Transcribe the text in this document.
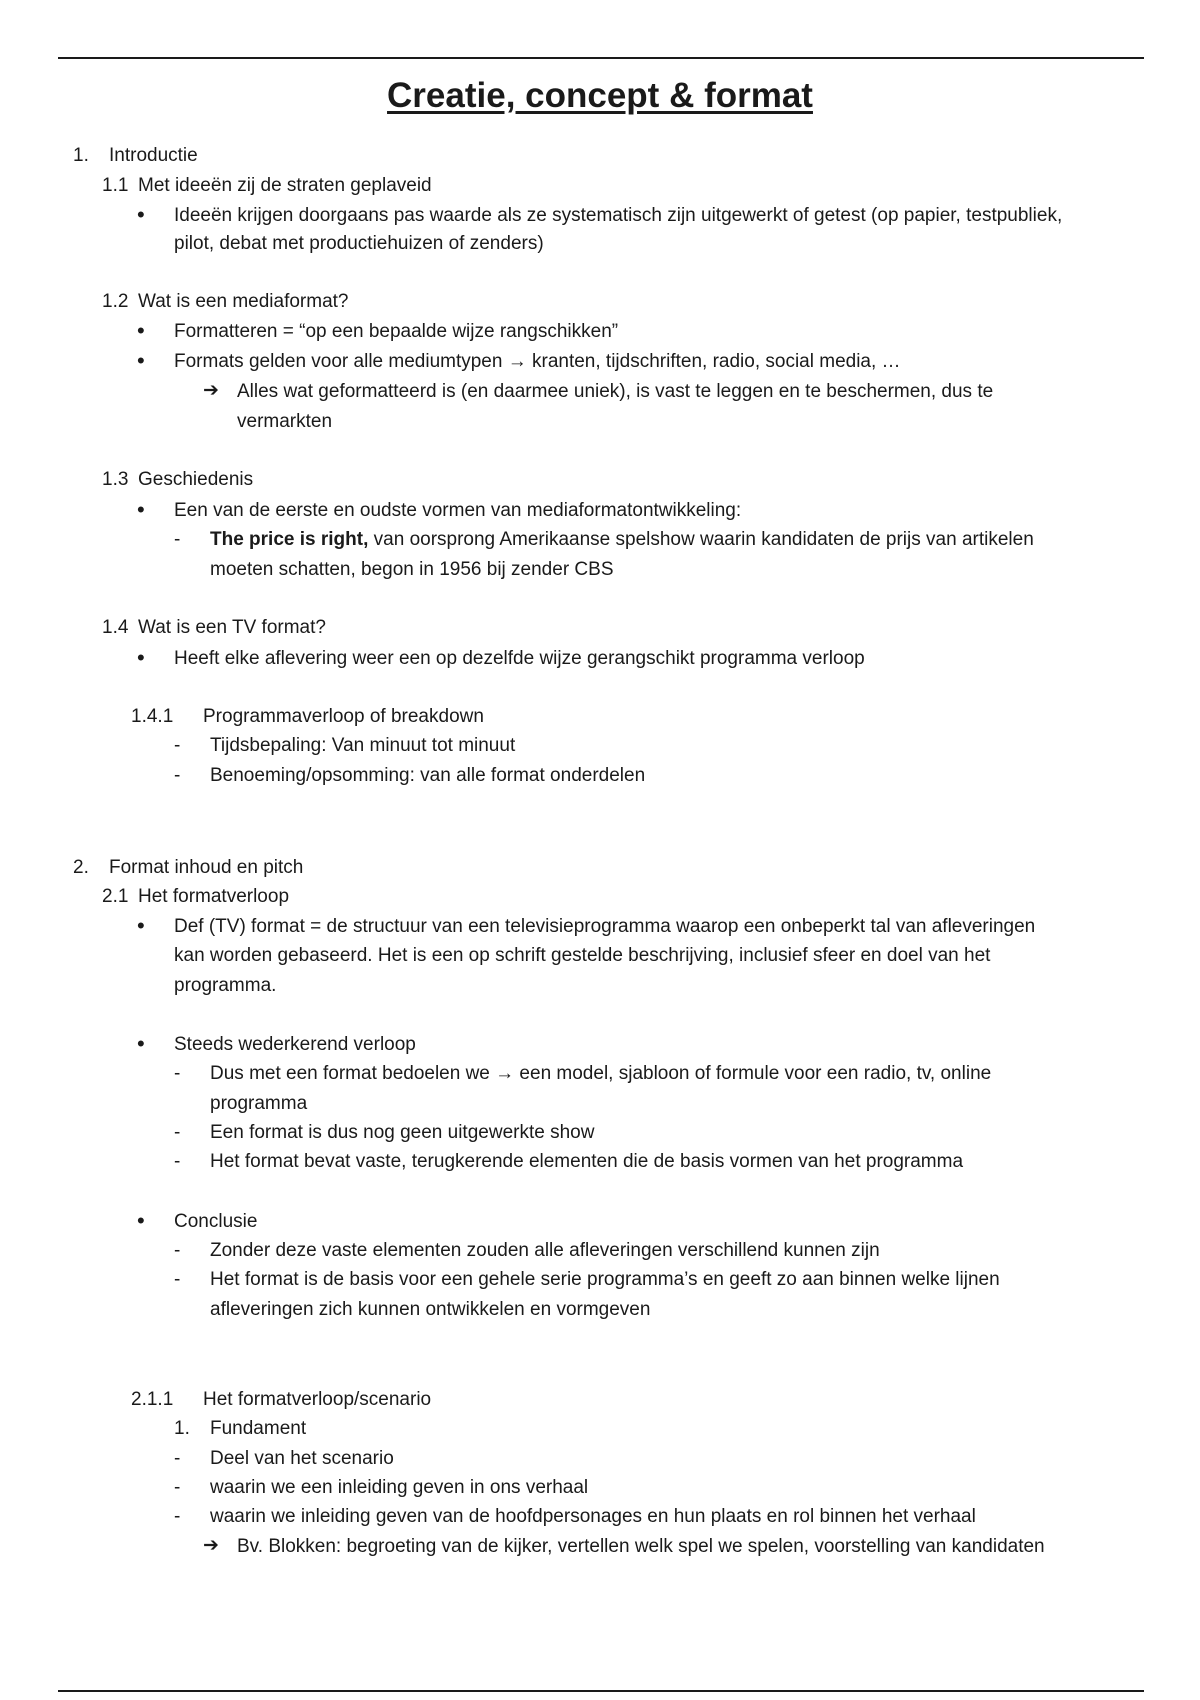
Creatie, concept & format
1. Introductie
1.1 Met ideeën zij de straten geplaveid
• Ideeën krijgen doorgaans pas waarde als ze systematisch zijn uitgewerkt of getest (op papier, testpubliek,
pilot, debat met productiehuizen of zenders)
1.2 Wat is een mediaformat?
• Formatteren = “op een bepaalde wijze rangschikken”
• Formats gelden voor alle mediumtypen → kranten, tijdschriften, radio, social media, …
➔ Alles wat geformatteerd is (en daarmee uniek), is vast te leggen en te beschermen, dus te
vermarkten
1.3 Geschiedenis
• Een van de eerste en oudste vormen van mediaformatontwikkeling:
- The price is right, van oorsprong Amerikaanse spelshow waarin kandidaten de prijs van artikelen
moeten schatten, begon in 1956 bij zender CBS
1.4 Wat is een TV format?
• Heeft elke aflevering weer een op dezelfde wijze gerangschikt programma verloop
1.4.1 Programmaverloop of breakdown
- Tijdsbepaling: Van minuut tot minuut
- Benoeming/opsomming: van alle format onderdelen
2. Format inhoud en pitch
2.1 Het formatverloop
• Def (TV) format = de structuur van een televisieprogramma waarop een onbeperkt tal van afleveringen
kan worden gebaseerd. Het is een op schrift gestelde beschrijving, inclusief sfeer en doel van het
programma.
• Steeds wederkerend verloop
- Dus met een format bedoelen we → een model, sjabloon of formule voor een radio, tv, online
programma
- Een format is dus nog geen uitgewerkte show
- Het format bevat vaste, terugkerende elementen die de basis vormen van het programma
• Conclusie
- Zonder deze vaste elementen zouden alle afleveringen verschillend kunnen zijn
- Het format is de basis voor een gehele serie programma’s en geeft zo aan binnen welke lijnen
afleveringen zich kunnen ontwikkelen en vormgeven
2.1.1 Het formatverloop/scenario
1. Fundament
- Deel van het scenario
- waarin we een inleiding geven in ons verhaal
- waarin we inleiding geven van de hoofdpersonages en hun plaats en rol binnen het verhaal
➔ Bv. Blokken: begroeting van de kijker, vertellen welk spel we spelen, voorstelling van kandidaten
